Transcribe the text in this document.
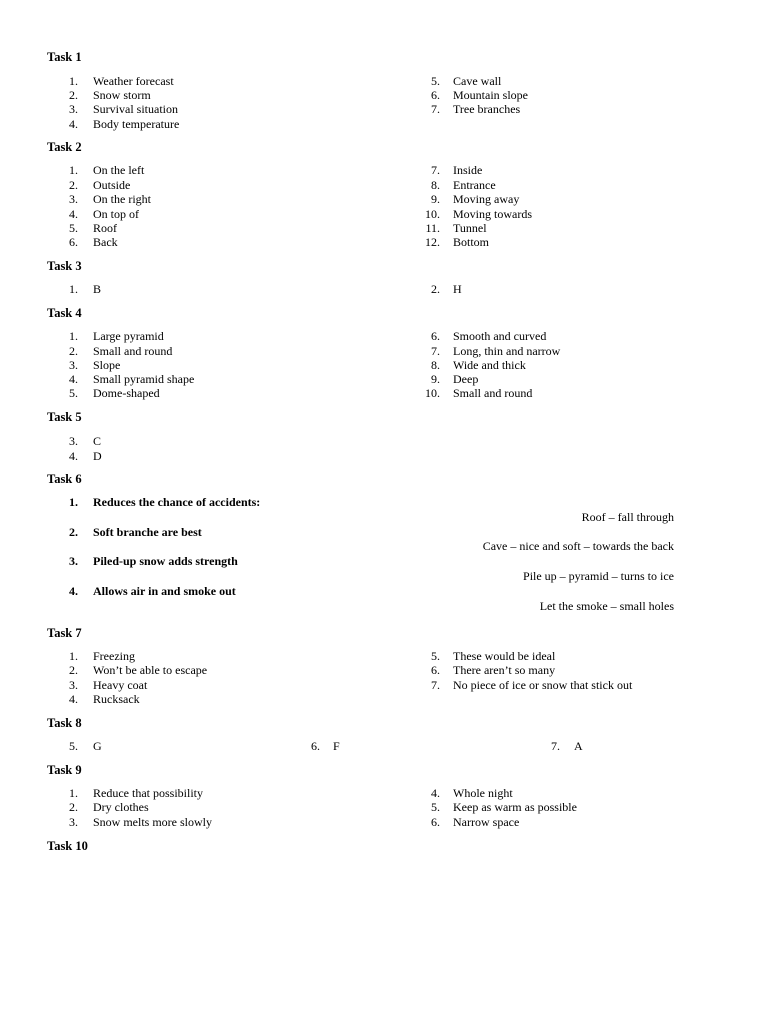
Task 1
1. Weather forecast
2. Snow storm
3. Survival situation
4. Body temperature
5. Cave wall
6. Mountain slope
7. Tree branches
Task 2
1. On the left
2. Outside
3. On the right
4. On top of
5. Roof
6. Back
7. Inside
8. Entrance
9. Moving away
10. Moving towards
11. Tunnel
12. Bottom
Task 3
1. B	2. H
Task 4
1. Large pyramid
2. Small and round
3. Slope
4. Small pyramid shape
5. Dome-shaped
6. Smooth and curved
7. Long, thin and narrow
8. Wide and thick
9. Deep
10. Small and round
Task 5
3. C
4. D
Task 6
1. Reduces the chance of accidents:
Roof – fall through
2. Soft branche are best
Cave – nice and soft – towards the back
3. Piled-up snow adds strength
Pile up – pyramid – turns to ice
4. Allows air in and smoke out
Let the smoke – small holes
Task 7
1. Freezing
2. Won’t be able to escape
3. Heavy coat
4. Rucksack
5. These would be ideal
6. There aren’t so many
7. No piece of ice or snow that stick out
Task 8
5. G	6. F	7. A
Task 9
1. Reduce that possibility
2. Dry clothes
3. Snow melts more slowly
4. Whole night
5. Keep as warm as possible
6. Narrow space
Task 10
